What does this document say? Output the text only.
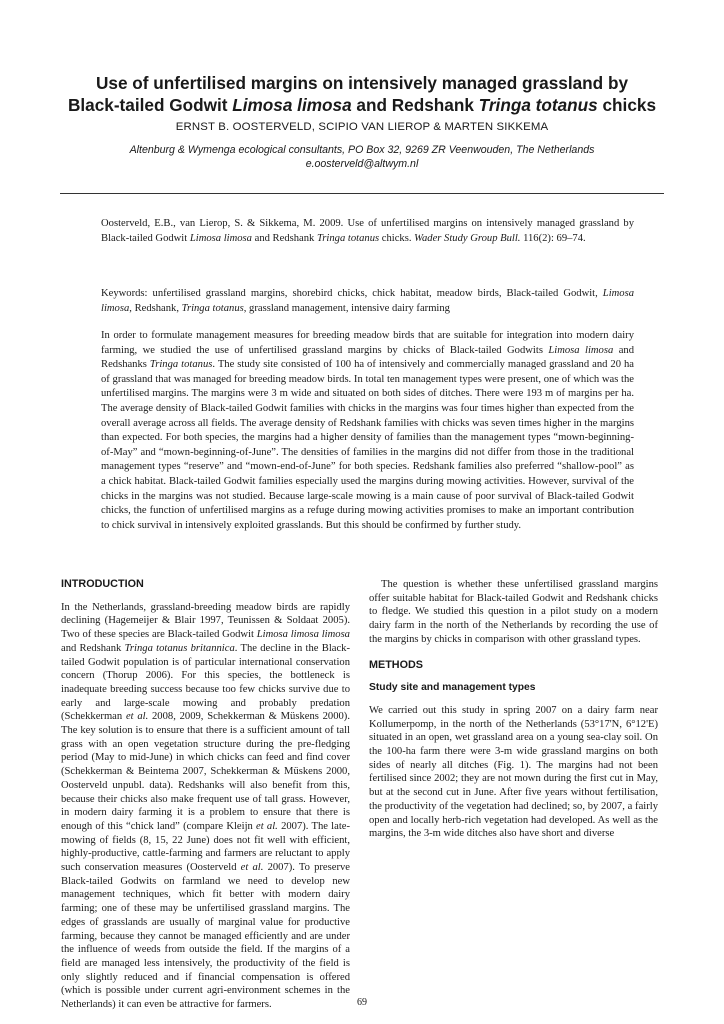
Use of unfertilised margins on intensively managed grassland by
Black-tailed Godwit Limosa limosa and Redshank Tringa totanus chicks
ERNST B. OOSTERVELD, SCIPIO VAN LIEROP & MARTEN SIKKEMA
Altenburg & Wymenga ecological consultants, PO Box 32, 9269 ZR Veenwouden, The Netherlands
e.oosterveld@altwym.nl
Oosterveld, E.B., van Lierop, S. & Sikkema, M. 2009. Use of unfertilised margins on intensively managed grassland by Black-tailed Godwit Limosa limosa and Redshank Tringa totanus chicks. Wader Study Group Bull. 116(2): 69–74.
Keywords: unfertilised grassland margins, shorebird chicks, chick habitat, meadow birds, Black-tailed Godwit, Limosa limosa, Redshank, Tringa totanus, grassland management, intensive dairy farming
In order to formulate management measures for breeding meadow birds that are suitable for integration into modern dairy farming, we studied the use of unfertilised grassland margins by chicks of Black-tailed Godwits Limosa limosa and Redshanks Tringa totanus. The study site consisted of 100 ha of intensively and commercially managed grassland and 20 ha of grassland that was managed for breeding meadow birds. In total ten management types were present, one of which was the unfertilised margins. The margins were 3 m wide and situated on both sides of ditches. There were 193 m of margins per ha. The average density of Black-tailed Godwit families with chicks in the margins was four times higher than expected from the overall average across all fields. The average density of Redshank families with chicks was seven times higher in the margins than expected. For both species, the margins had a higher density of families than the management types “mown-beginning-of-May” and “mown-beginning-of-June”. The densities of families in the margins did not differ from those in the traditional management types “reserve” and “mown-end-of-June” for both species. Redshank families also preferred “shallow-pool” as a chick habitat. Black-tailed Godwit families especially used the margins during mowing activities. However, survival of the chicks in the margins was not studied. Because large-scale mowing is a main cause of poor survival of Black-tailed Godwit chicks, the function of unfertilised margins as a refuge during mowing activities promises to make an important contribution to chick survival in intensively exploited grasslands. But this should be confirmed by further study.

INTRODUCTION

In the Netherlands, grassland-breeding meadow birds are rapidly declining (Hagemeijer & Blair 1997, Teunissen & Soldaat 2005). Two of these species are Black-tailed Godwit Limosa limosa limosa and Redshank Tringa totanus britannica. The decline in the Black-tailed Godwit population is of particular international conservation concern (Thorup 2006). For this species, the bottleneck is inadequate breeding success because too few chicks survive due to early and large-scale mowing and probably predation (Schekkerman et al. 2008, 2009, Schekkerman & Müskens 2000). The key solution is to ensure that there is a sufficient amount of tall grass with an open vegetation structure during the pre-fledging period (May to mid-June) in which chicks can feed and find cover (Schekkerman & Beintema 2007, Schekkerman & Müskens 2000, Oosterveld unpubl. data). Redshanks will also benefit from this, because their chicks also make frequent use of tall grass. However, in modern dairy farming it is a problem to ensure that there is enough of this “chick land” (compare Kleijn et al. 2007). The late-mowing of fields (8, 15, 22 June) does not fit well with efficient, highly-productive, cattle-farming and farmers are reluctant to apply such conservation measures (Oosterveld et al. 2007). To preserve Black-tailed Godwits on farmland we need to develop new management techniques, which fit better with modern dairy farming; one of these may be unfertilised grassland margins. The edges of grasslands are usually of marginal value for productive farming, because they cannot be managed efficiently and are under the influence of weeds from outside the field. If the margins of a field are managed less intensively, the productivity of the field is only slightly reduced and if financial compensation is offered (which is possible under current agri-environment schemes in the Netherlands) it can even be attractive for farmers.

The question is whether these unfertilised grassland margins offer suitable habitat for Black-tailed Godwit and Redshank chicks to fledge. We studied this question in a pilot study on a modern dairy farm in the north of the Netherlands by recording the use of the margins by chicks in comparison with other grassland types.

METHODS

Study site and management types

We carried out this study in spring 2007 on a dairy farm near Kollumerpomp, in the north of the Netherlands (53°17'N, 6°12'E) situated in an open, wet grassland area on a young sea-clay soil. On the 100-ha farm there were 3-m wide grassland margins on both sides of nearly all ditches (Fig. 1). The margins had not been fertilised since 2002; they are not mown during the first cut in May, but at the second cut in June. After five years without fertilisation, the productivity of the vegetation had declined; so, by 2007, a fairly open and locally herb-rich vegetation had developed. As well as the margins, the 3-m wide ditches also have short and diverse

69
